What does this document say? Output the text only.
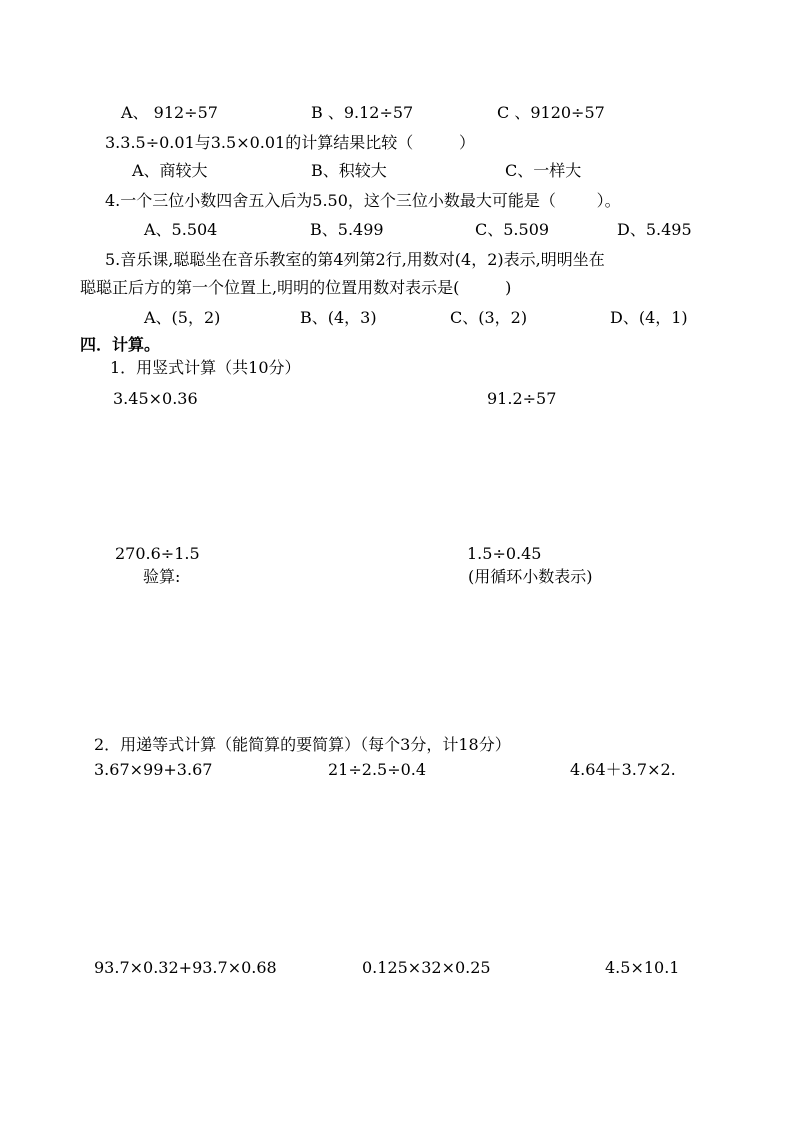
A、 912÷57	B 、9.12÷57	C 、9120÷57
3.3.5÷0.01与3.5×0.01的计算结果比较（         ）
A、商较大	B、积较大	C、一样大
4.一个三位小数四舍五入后为5.50，这个三位小数最大可能是（        ）。
A、5.504	B、5.499	C、5.509	D、5.495
5.音乐课,聪聪坐在音乐教室的第4列第2行,用数对(4，2)表示,明明坐在
聪聪正后方的第一个位置上,明明的位置用数对表示是(         )
A、(5，2)	B、(4，3)	C、(3，2)	D、(4，1)
四．计算。
1．用竖式计算（共10分）
3.45×0.36	91.2÷57
270.6÷1.5
验算:
1.5÷0.45
(用循环小数表示)
2．用递等式计算（能简算的要简算）（每个3分，计18分）
3.67×99+3.67	21÷2.5÷0.4	4.64＋3.7×2.
93.7×0.32+93.7×0.68	0.125×32×0.25	4.5×10.1
